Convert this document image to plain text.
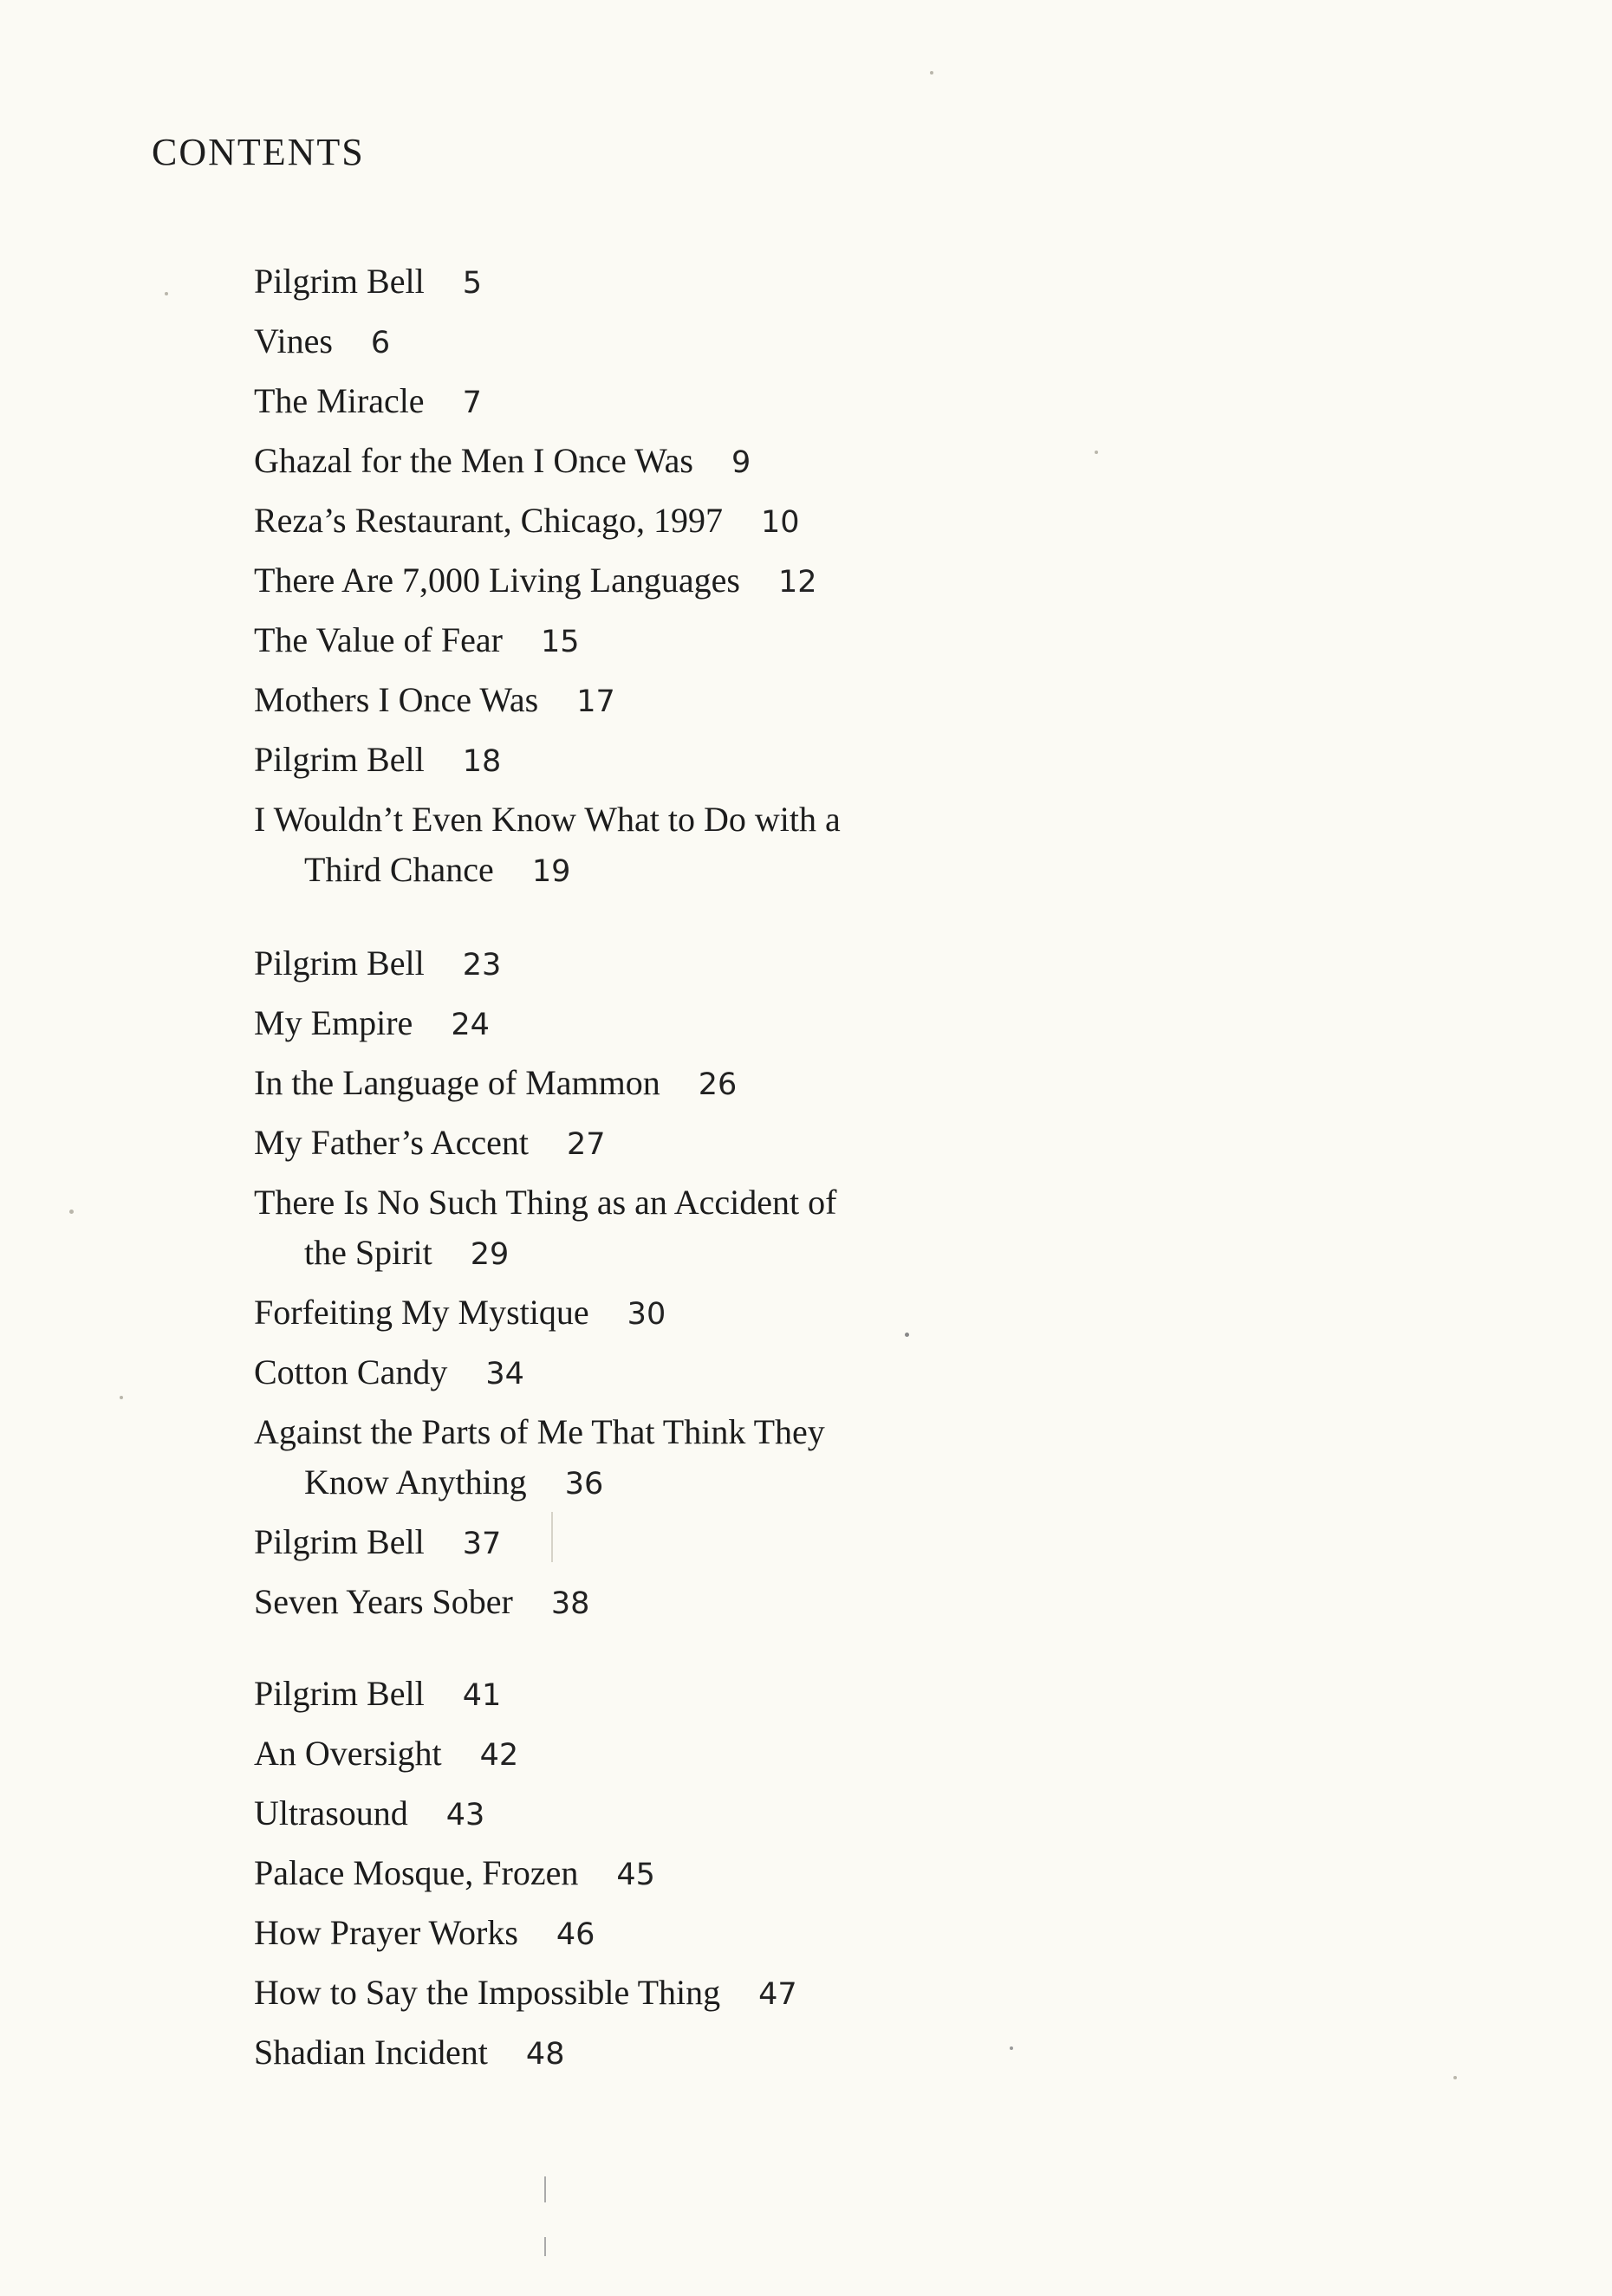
CONTENTS
Pilgrim Bell 5
Vines 6
The Miracle 7
Ghazal for the Men I Once Was 9
Reza’s Restaurant, Chicago, 1997 10
There Are 7,000 Living Languages 12
The Value of Fear 15
Mothers I Once Was 17
Pilgrim Bell 18
I Wouldn’t Even Know What to Do with a
Third Chance 19
Pilgrim Bell 23
My Empire 24
In the Language of Mammon 26
My Father’s Accent 27
There Is No Such Thing as an Accident of
the Spirit 29
Forfeiting My Mystique 30
Cotton Candy 34
Against the Parts of Me That Think They
Know Anything 36
Pilgrim Bell 37
Seven Years Sober 38
Pilgrim Bell 41
An Oversight 42
Ultrasound 43
Palace Mosque, Frozen 45
How Prayer Works 46
How to Say the Impossible Thing 47
Shadian Incident 48
